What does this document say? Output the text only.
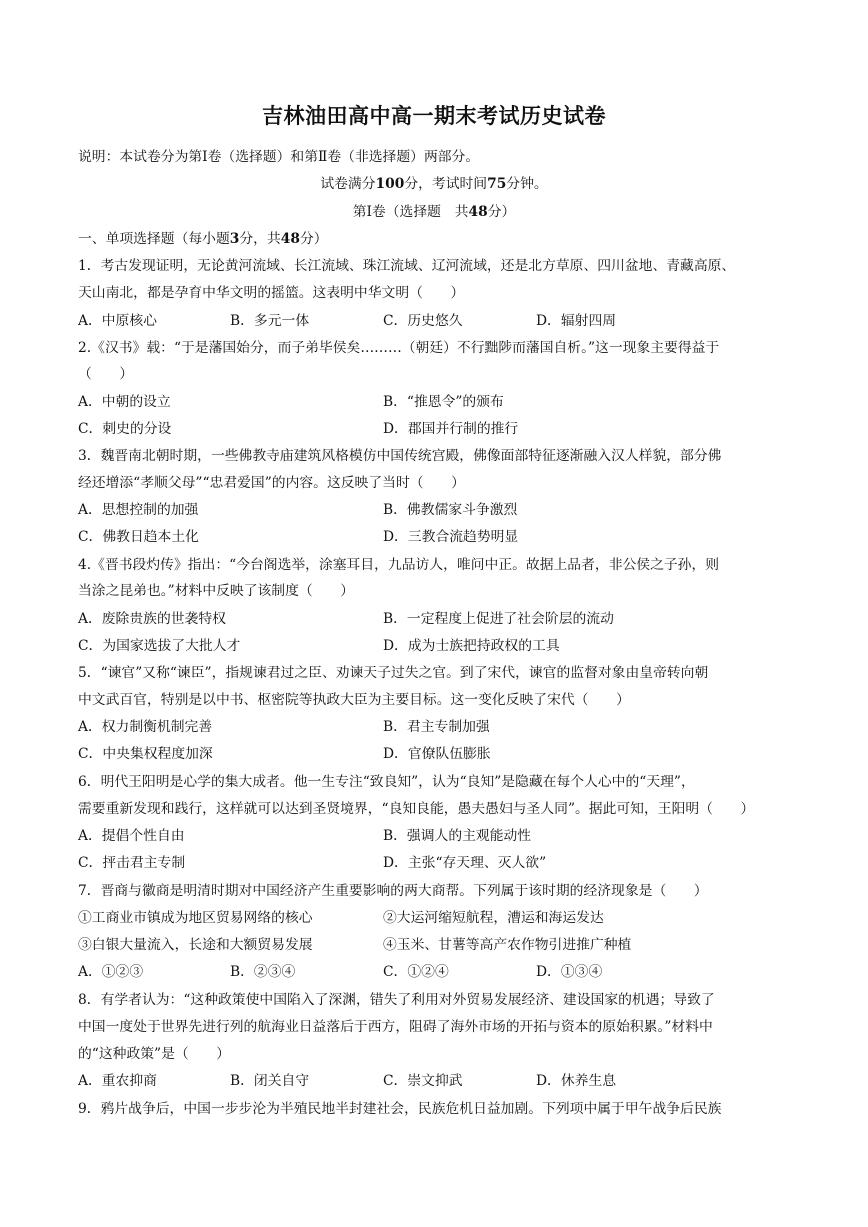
吉林油田高中高一期末考试历史试卷
说明：本试卷分为第Ⅰ卷（选择题）和第Ⅱ卷（非选择题）两部分。
试卷满分100分，考试时间75分钟。
第Ⅰ卷（选择题　共48分）
一、单项选择题（每小题3分，共48分）
1．考古发现证明，无论黄河流域、长江流域、珠江流域、辽河流域，还是北方草原、四川盆地、青藏高原、
天山南北，都是孕育中华文明的摇篮。这表明中华文明（　　）
A．中原核心	B．多元一体	C．历史悠久	D．辐射四周
2.《汉书》载：“于是藩国始分，而子弟毕侯矣………（朝廷）不行黜陟而藩国自析。”这一现象主要得益于
（　　）
A．中朝的设立	B．“推恩令”的颁布
C．刺史的分设	D．郡国并行制的推行
3．魏晋南北朝时期，一些佛教寺庙建筑风格模仿中国传统宫殿，佛像面部特征逐渐融入汉人样貌，部分佛
经还增添“孝顺父母”“忠君爱国”的内容。这反映了当时（　　）
A．思想控制的加强	B．佛教儒家斗争激烈
C．佛教日趋本土化	D．三教合流趋势明显
4.《晋书段灼传》指出：“今台阁选举，涂塞耳目，九品访人，唯问中正。故据上品者，非公侯之子孙，则
当涂之昆弟也。”材料中反映了该制度（　　）
A．废除贵族的世袭特权	B．一定程度上促进了社会阶层的流动
C．为国家选拔了大批人才	D．成为士族把持政权的工具
5．“谏官”又称“谏臣”，指规谏君过之臣、劝谏天子过失之官。到了宋代，谏官的监督对象由皇帝转向朝
中文武百官，特别是以中书、枢密院等执政大臣为主要目标。这一变化反映了宋代（　　）
A．权力制衡机制完善	B．君主专制加强
C．中央集权程度加深	D．官僚队伍膨胀
6．明代王阳明是心学的集大成者。他一生专注“致良知”，认为“良知”是隐藏在每个人心中的“天理”，
需要重新发现和践行，这样就可以达到圣贤境界，“良知良能，愚夫愚妇与圣人同”。据此可知，王阳明（　　）
A．提倡个性自由	B．强调人的主观能动性
C．抨击君主专制	D．主张“存天理、灭人欲”
7．晋商与徽商是明清时期对中国经济产生重要影响的两大商帮。下列属于该时期的经济现象是（　　）
①工商业市镇成为地区贸易网络的核心	②大运河缩短航程，漕运和海运发达
③白银大量流入，长途和大额贸易发展	④玉米、甘薯等高产农作物引进推广种植
A．①②③	B．②③④	C．①②④	D．①③④
8．有学者认为：“这种政策使中国陷入了深渊，错失了利用对外贸易发展经济、建设国家的机遇；导致了
中国一度处于世界先进行列的航海业日益落后于西方，阻碍了海外市场的开拓与资本的原始积累。”材料中
的“这种政策”是（　　）
A．重农抑商	B．闭关自守	C．崇文抑武	D．休养生息
9．鸦片战争后，中国一步步沦为半殖民地半封建社会，民族危机日益加剧。下列项中属于甲午战争后民族
